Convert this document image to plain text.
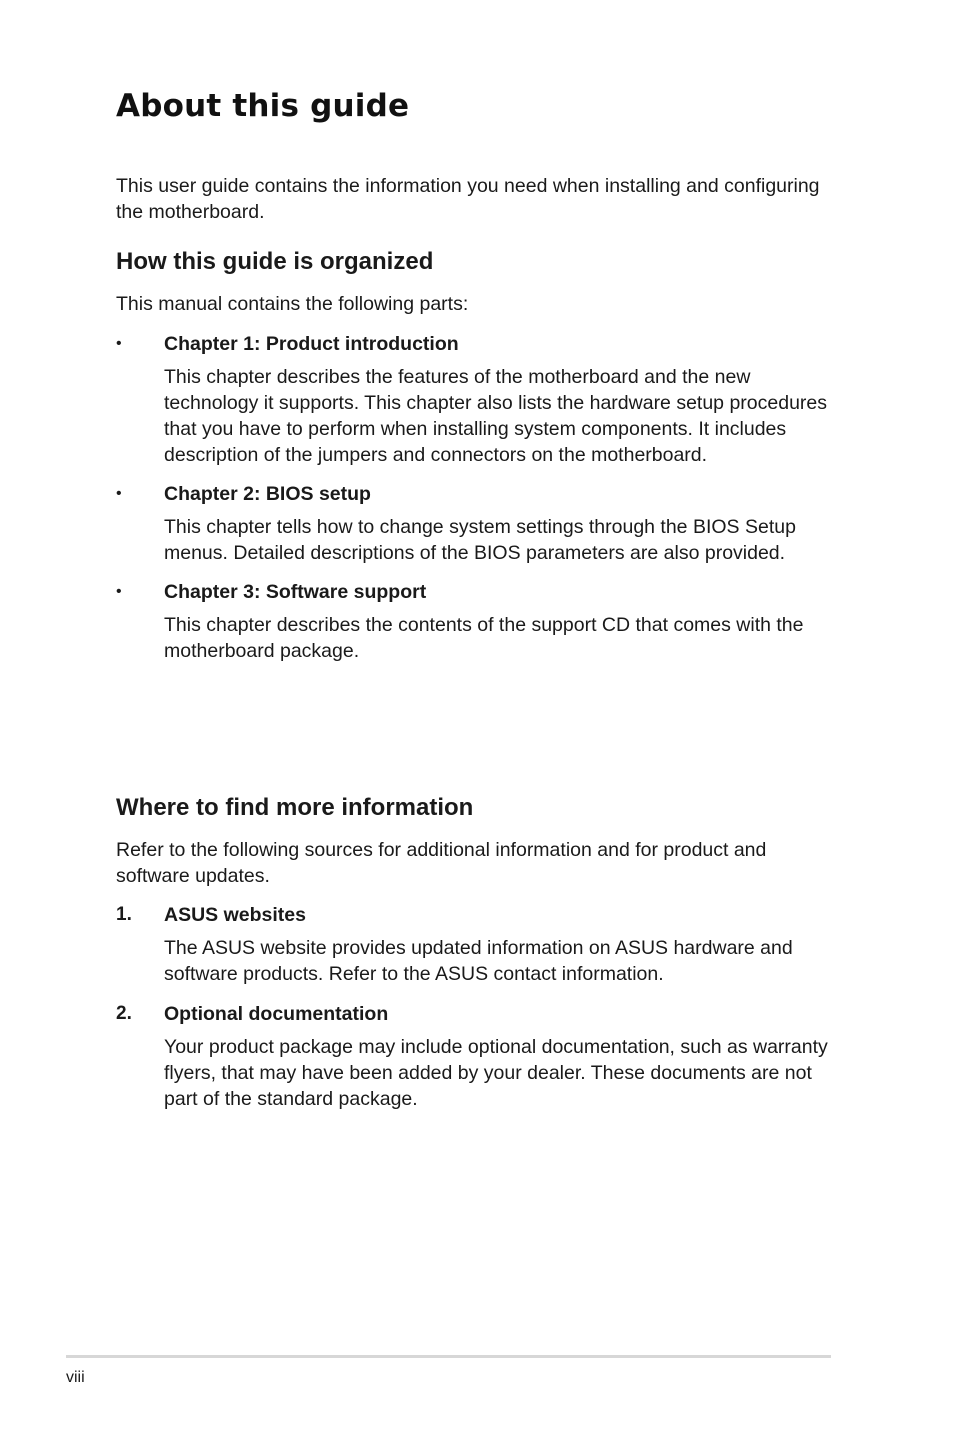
About this guide

This user guide contains the information you need when installing and configuring the motherboard.

How this guide is organized

This manual contains the following parts:

• Chapter 1: Product introduction

This chapter describes the features of the motherboard and the new technology it supports. This chapter also lists the hardware setup procedures that you have to perform when installing system components. It includes description of the jumpers and connectors on the motherboard.

• Chapter 2: BIOS setup

This chapter tells how to change system settings through the BIOS Setup menus. Detailed descriptions of the BIOS parameters are also provided.

• Chapter 3: Software support

This chapter describes the contents of the support CD that comes with the motherboard package.

Where to find more information

Refer to the following sources for additional information and for product and software updates.

1. ASUS websites

The ASUS website provides updated information on ASUS hardware and software products. Refer to the ASUS contact information.

2. Optional documentation

Your product package may include optional documentation, such as warranty flyers, that may have been added by your dealer. These documents are not part of the standard package.

viii
